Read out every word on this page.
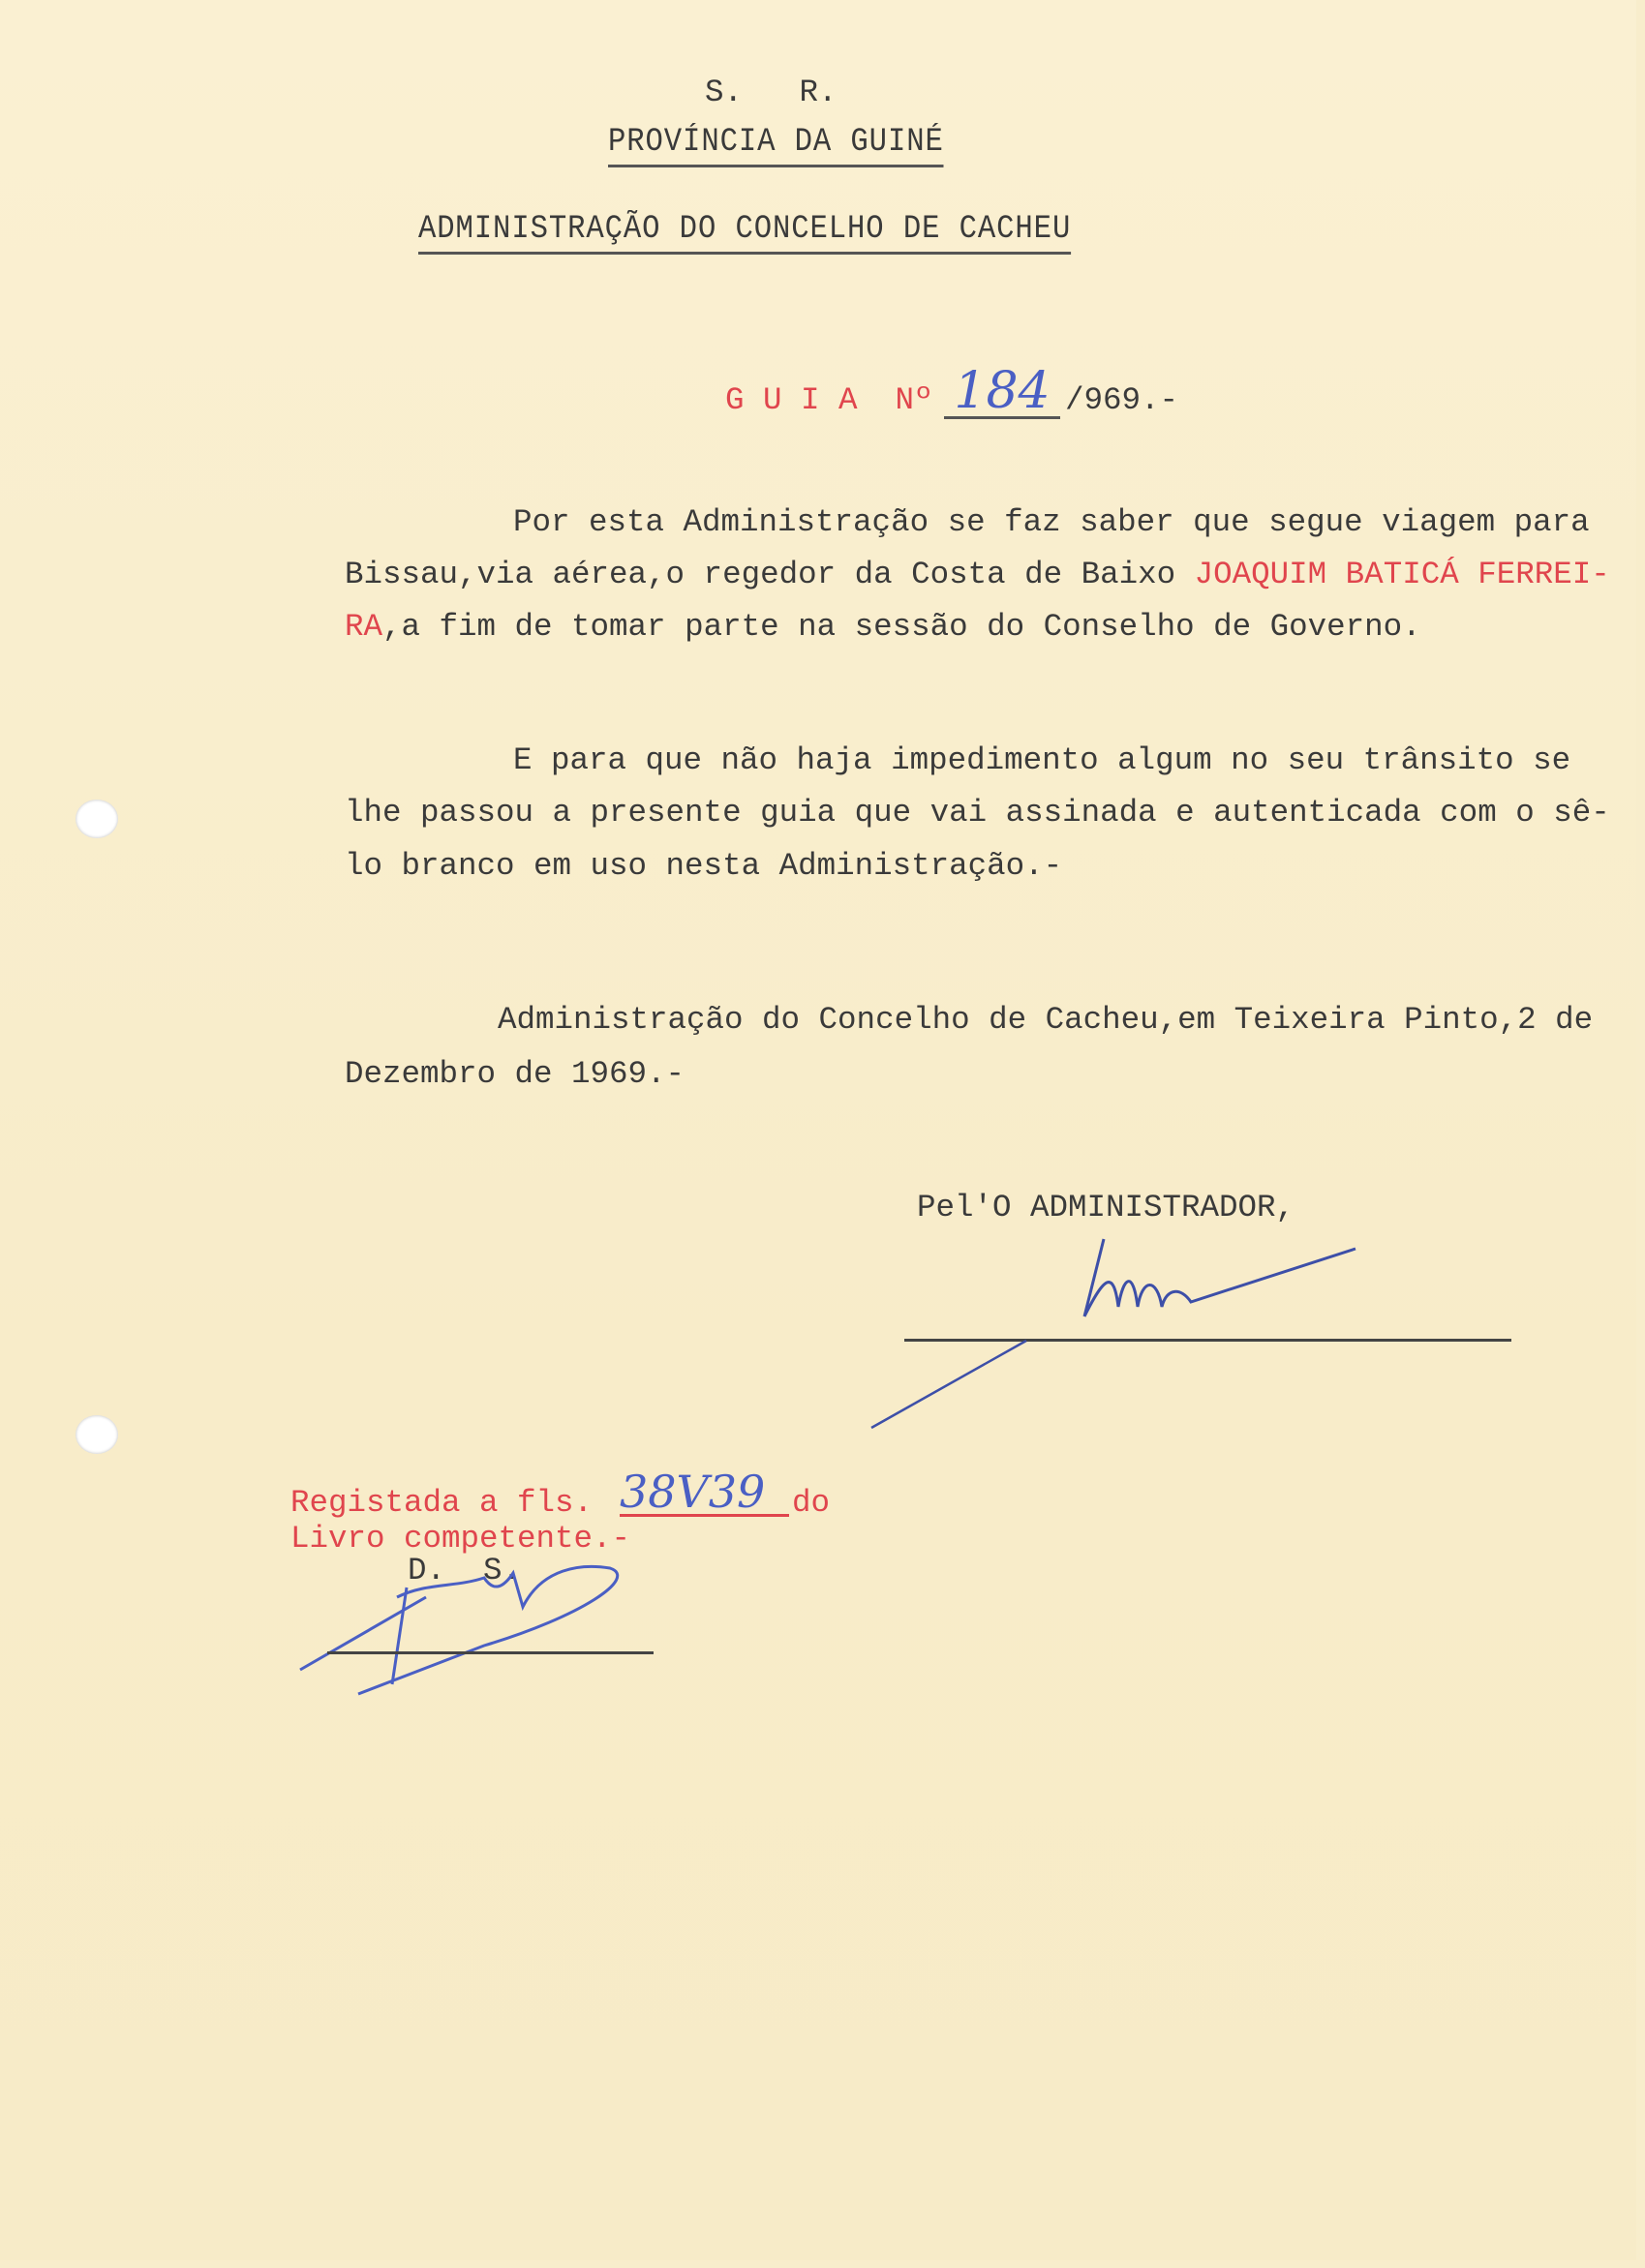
S.   R.
PROVÍNCIA DA GUINÉ
ADMINISTRAÇÃO DO CONCELHO DE CACHEU
G U I A  Nº 184 /969.-
Por esta Administração se faz saber que segue viagem para
Bissau,via aérea,o regedor da Costa de Baixo JOAQUIM BATICÁ FERREI-
RA,a fim de tomar parte na sessão do Conselho de Governo.
E para que não haja impedimento algum no seu trânsito se
lhe passou a presente guia que vai assinada e autenticada com o sê-
lo branco em uso nesta Administração.-
Administração do Concelho de Cacheu,em Teixeira Pinto,2 de
Dezembro de 1969.-
Pel'O ADMINISTRADOR,
Registada a fls. 38V39 do
Livro competente.-
D.  S.
